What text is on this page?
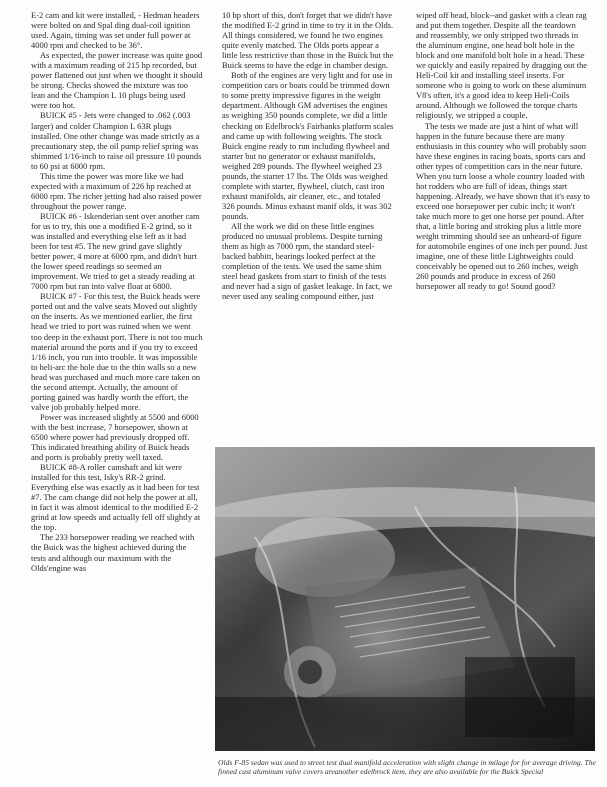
E-2 cam and kit were installed, - Hedman headers were bolted on and Spal ding dual-coil ignition used. Again, timing was set under full power at 4000 rpm and checked to be 36°.

As expected, the power increase was quite good with a maximum reading of 215 hp recorded, but power flattened out just when we thought it should be strong. Checks showed the mixture was too lean and the Champion L 10 plugs being used were too hot.

BUICK #5 - Jets were changed to .062 (.003 larger) and colder Champion L 63R plugs installed. One other change was made strictly as a precautionary step, the oil pump relief spring was shimmed 1/16-inch to raise oil pressure 10 pounds to 60 psi at 6000 rpm.

This time the power was more like we had expected with a maximum of 226 hp reached at 6000 rpm. The richer jetting had also raised power throughout the power range.

BUICK #6 - Iskenderian sent over another cam for us to try, this one a modified E-2 grind, so it was installed and everything else left as it had been for test #5. The new grind gave slightly better power, 4 more at 6000 rpm, and didn't hurt the lower speed readings so seemed an improvement. We tried to get a steady reading at 7000 rpm but ran into valve float at 6800.

BUICK #7 - For this test, the Buick heads were ported out and the valve seats Moved out slightly on the inserts. As we mentioned earlier, the first head we tried to port was ruined when we went too deep in the exhaust port. There is not too much material around the ports and if you try to exceed 1/16 inch, you run into trouble. It was impossible to heli-arc the hole due to the thin walls so a new head was purchased and much more care taken on the second attempt. Actually, the amount of porting gained was hardly worth the effort, the valve job probably helped more.

Power was increased slightly at 5500 and 6000 with the best increase, 7 horsepower, shown at 6500 where power had previously dropped off. This indicated breathing ability of Buick heads and ports is probably pretty well taxed.

BUICK #8-A roller camshaft and kit were installed for this test, Isky's RR-2 grind. Everything else was exactly as it had been for test #7. The cam change did not help the power at all, in fact it was almost identical to the modified E-2 grind at low speeds and actually fell off slightly at the top.

The 233 horsepower reading we reached with the Buick was the highest achieved during the tests and although our maximum with the Olds'engine was

10 hp short of this, don't forget that we didn't have the modified E-2 grind in time to try it in the Olds. All things considered, we found he two engines quite evenly matched. The Olds ports appear a little less restrictive than those in the Buick but the Buick seems to have the edge in chamber design.

Both of the engines are very light and for use in competition cars or boats could be trimmed down to some pretty impressive figures in the weight department. Although GM advertises the engines as weighing 350 pounds complete, we did a little checking on Edelbrock's Fairbanks platform scales and came up with following weights. The stock Buick engine ready to run including flywheel and starter but no generator or exhaust manifolds, weighed 289 pounds. The flywheel weighed 23 pounds, the starter 17 lbs. The Olds was weighed complete with starter, flywheel, clutch, cast iron exhaust manifolds, air cleaner, etc., and totaled 326 pounds. Minus exhaust manif olds, it was 302 pounds.

All the work we did on these little engines produced no unusual problems. Despite turning them as high as 7000 rpm, the standard steel-backed babbitt, bearings looked perfect at the completion of the tests. We used the same shim steel head gaskets from start to finish of the tests and never had a sign of gasket leakage. In fact, we never used any sealing compound either, just

wiped off head, block--and gasket with a clean rag and put them together. Despite all the teardown and reassembly, we only stripped two threads in the aluminum engine, one head bolt hole in the block and one manifold bolt hole in a head. These we quickly and easily repaired by dragging out the Heli-Coil kit and installing steel inserts. For someone who is going to work on these aluminum V8's often, it's a good idea to keep Heli-Coils around. Although we followed the torque charts religiously, we stripped a couple.

The tests we made are just a hint of what will happen in the future because there are many enthusiasts in this country who will probably soon have these engines in racing boats, sports cars and other types of competition cars in the near future. When you turn loose a whole country loaded with hot rodders who are full of ideas, things start happening. Already, we have shown that it's easy to exceed one horsepower per cubic inch; it won't take much more to get one horse per pound. After that, a little boring and stroking plus a little more weight trimming should see an unheard-of figure for automobile engines of one inch per pound. Just imagine, one of these little Lightweights could conceivably be opened out to 260 inches, weigh 260 pounds and produce in excess of 260 horsepower all ready to go! Sound good?

Olds F-85 sedan was used to street test dual manifold acceleration with slight change in milage for for average driving. The finned cast aluminum valve covers areanother edelbrock item, they are also available for the Buick Special
